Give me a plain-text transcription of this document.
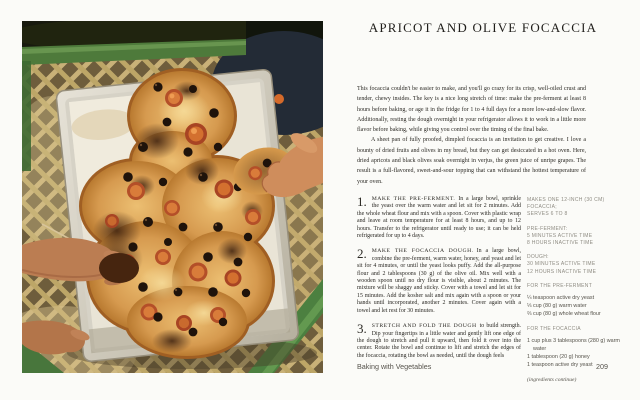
APRICOT AND OLIVE FOCACCIA

This focaccia couldn't be easier to make, and you'll go crazy for its crisp, well-oiled crust and tender, chewy insides. The key is a nice long stretch of time: make the pre-ferment at least 8 hours before baking, or age it in the fridge for 1 to 4 full days for a more low-and-slow flavor. Additionally, resting the dough overnight in your refrigerator allows it to work in a little more flavor before baking, while giving you control over the timing of the final bake.

A sheet pan of fully proofed, dimpled focaccia is an invitation to get creative. I love a bounty of dried fruits and olives in my bread, but they can get desiccated in a hot oven. Here, dried apricots and black olives soak overnight in verjus, the green juice of unripe grapes. The result is a full-flavored, sweet-and-sour topping that can withstand the hottest temperature of your oven.

1. MAKE THE PRE-FERMENT. In a large bowl, sprinkle the yeast over the warm water and let sit for 2 minutes. Add the whole wheat flour and mix with a spoon. Cover with plastic wrap and leave at room temperature for at least 8 hours, and up to 12 hours. Transfer to the refrigerator until ready to use; it can be held refrigerated for up to 4 days.

2. MAKE THE FOCACCIA DOUGH. In a large bowl, combine the pre-ferment, warm water, honey, and yeast and let sit for 4 minutes, or until the yeast looks puffy. Add the all-purpose flour and 2 tablespoons (30 g) of the olive oil. Mix well with a wooden spoon until no dry flour is visible, about 2 minutes. The mixture will be shaggy and sticky. Cover with a towel and let sit for 15 minutes. Add the kosher salt and mix again with a spoon or your hands until incorporated, another 2 minutes. Cover again with a towel and let rest for 30 minutes.

3. STRETCH AND FOLD THE DOUGH to build strength. Dip your fingertips in a little water and gently lift one edge of the dough to stretch and pull it upward, then fold it over into the center. Rotate the bowl and continue to lift and stretch the edges of the focaccia, rotating the bowl as needed, until the dough feels

MAKES ONE 12-INCH (30 CM)
FOCACCIA;
SERVES 6 TO 8
PRE-FERMENT:
5 MINUTES ACTIVE TIME
8 HOURS INACTIVE TIME
DOUGH:
30 MINUTES ACTIVE TIME
12 HOURS INACTIVE TIME
FOR THE PRE-FERMENT
¼ teaspoon active dry yeast
⅓ cup (80 g) warm water
⅔ cup (80 g) whole wheat flour
FOR THE FOCACCIA
1 cup plus 3 tablespoons (280 g) warm water
1 tablespoon (20 g) honey
1 teaspoon active dry yeast
(ingredients continue)
Baking with Vegetables	209
